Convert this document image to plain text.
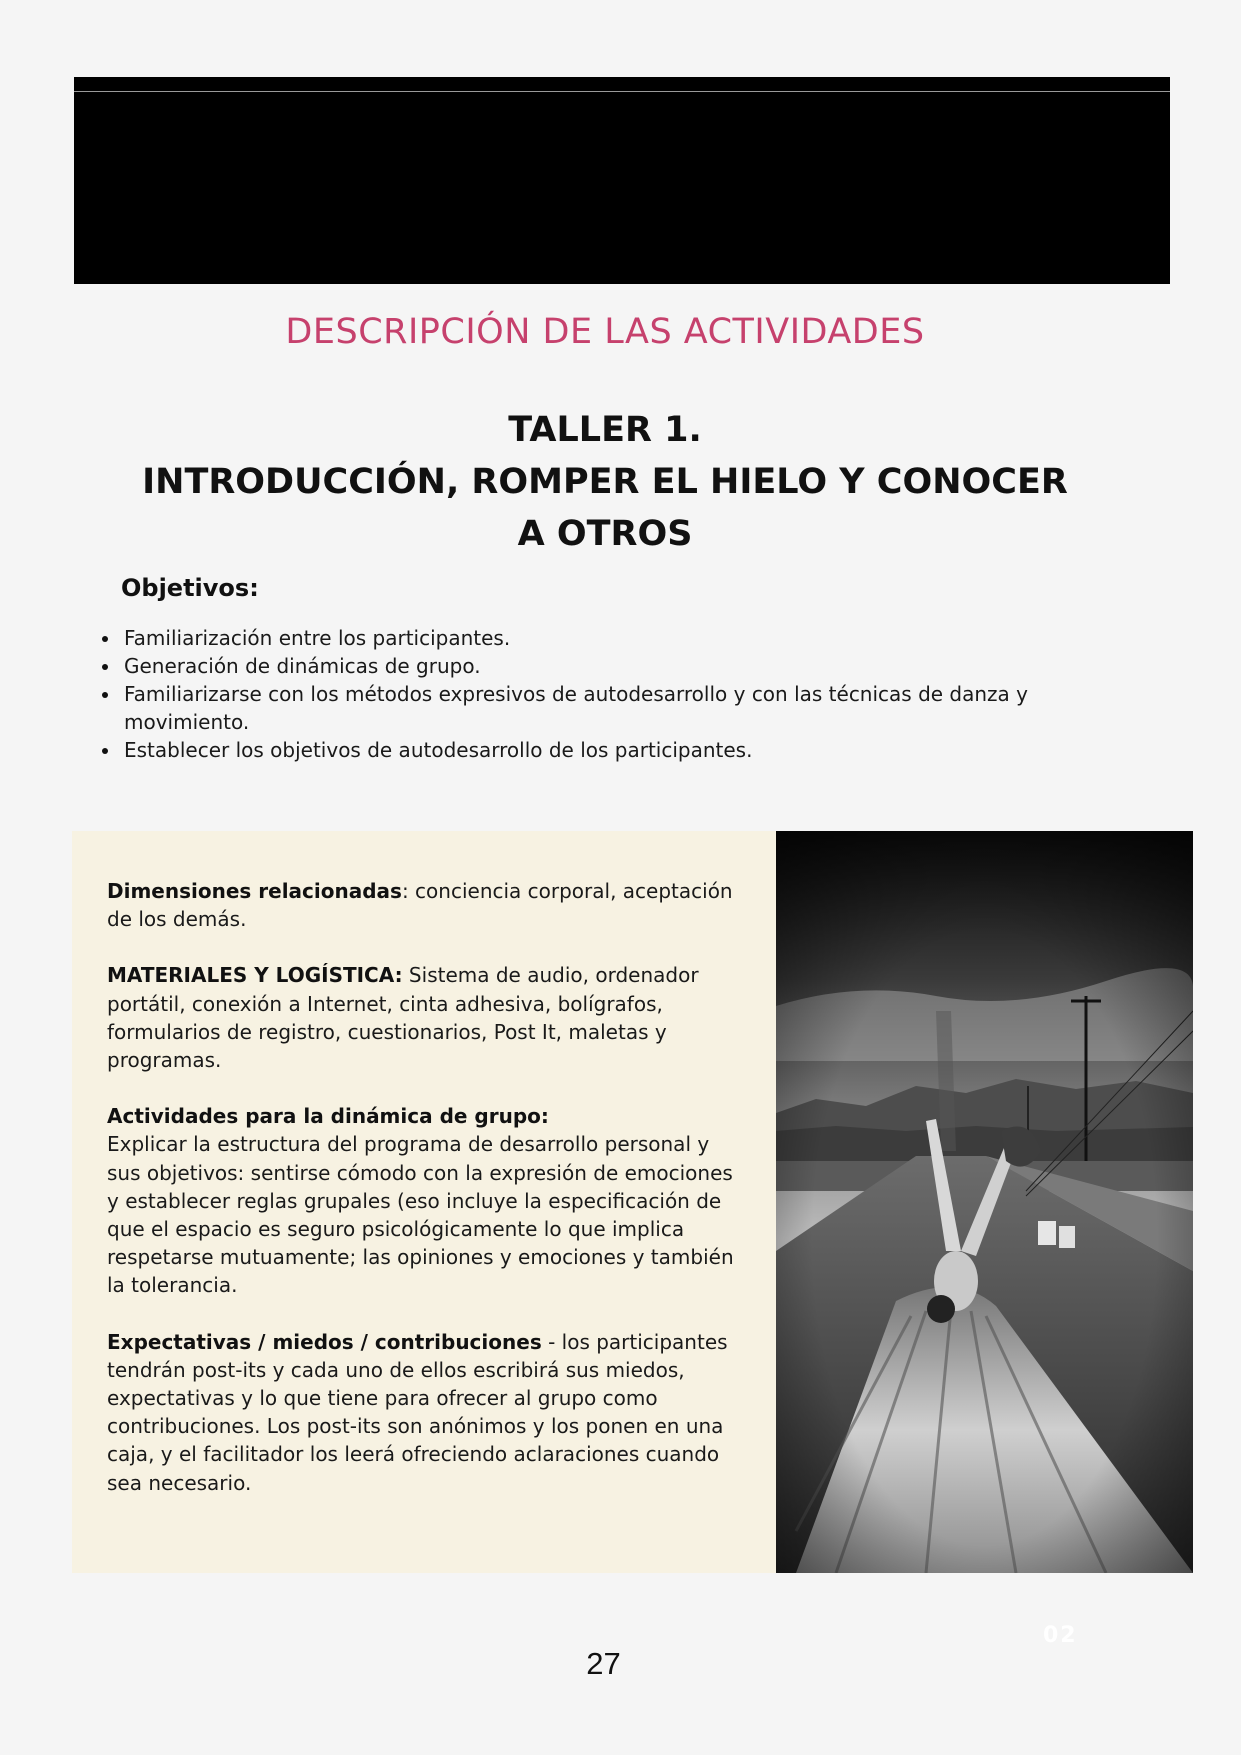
DESCRIPCIÓN DE LAS ACTIVIDADES
TALLER 1.
INTRODUCCIÓN, ROMPER EL HIELO Y CONOCER
A OTROS
Objetivos:
Familiarización entre los participantes.
Generación de dinámicas de grupo.
Familiarizarse con los métodos expresivos de autodesarrollo y con las técnicas de danza y movimiento.
Establecer los objetivos de autodesarrollo de los participantes.

Dimensiones relacionadas: conciencia corporal, aceptación de los demás.

MATERIALES Y LOGÍSTICA: Sistema de audio, ordenador portátil, conexión a Internet, cinta adhesiva, bolígrafos, formularios de registro, cuestionarios, Post It, maletas y programas.

Actividades para la dinámica de grupo:
Explicar la estructura del programa de desarrollo personal y sus objetivos: sentirse cómodo con la expresión de emociones y establecer reglas grupales (eso incluye la especificación de que el espacio es seguro psicológicamente lo que implica respetarse mutuamente; las opiniones y emociones y también la tolerancia.

Expectativas / miedos / contribuciones - los participantes tendrán post-its y cada uno de ellos escribirá sus miedos, expectativas y lo que tiene para ofrecer al grupo como contribuciones. Los post-its son anónimos y los ponen en una caja, y el facilitador los leerá ofreciendo aclaraciones cuando sea necesario.

02
27
